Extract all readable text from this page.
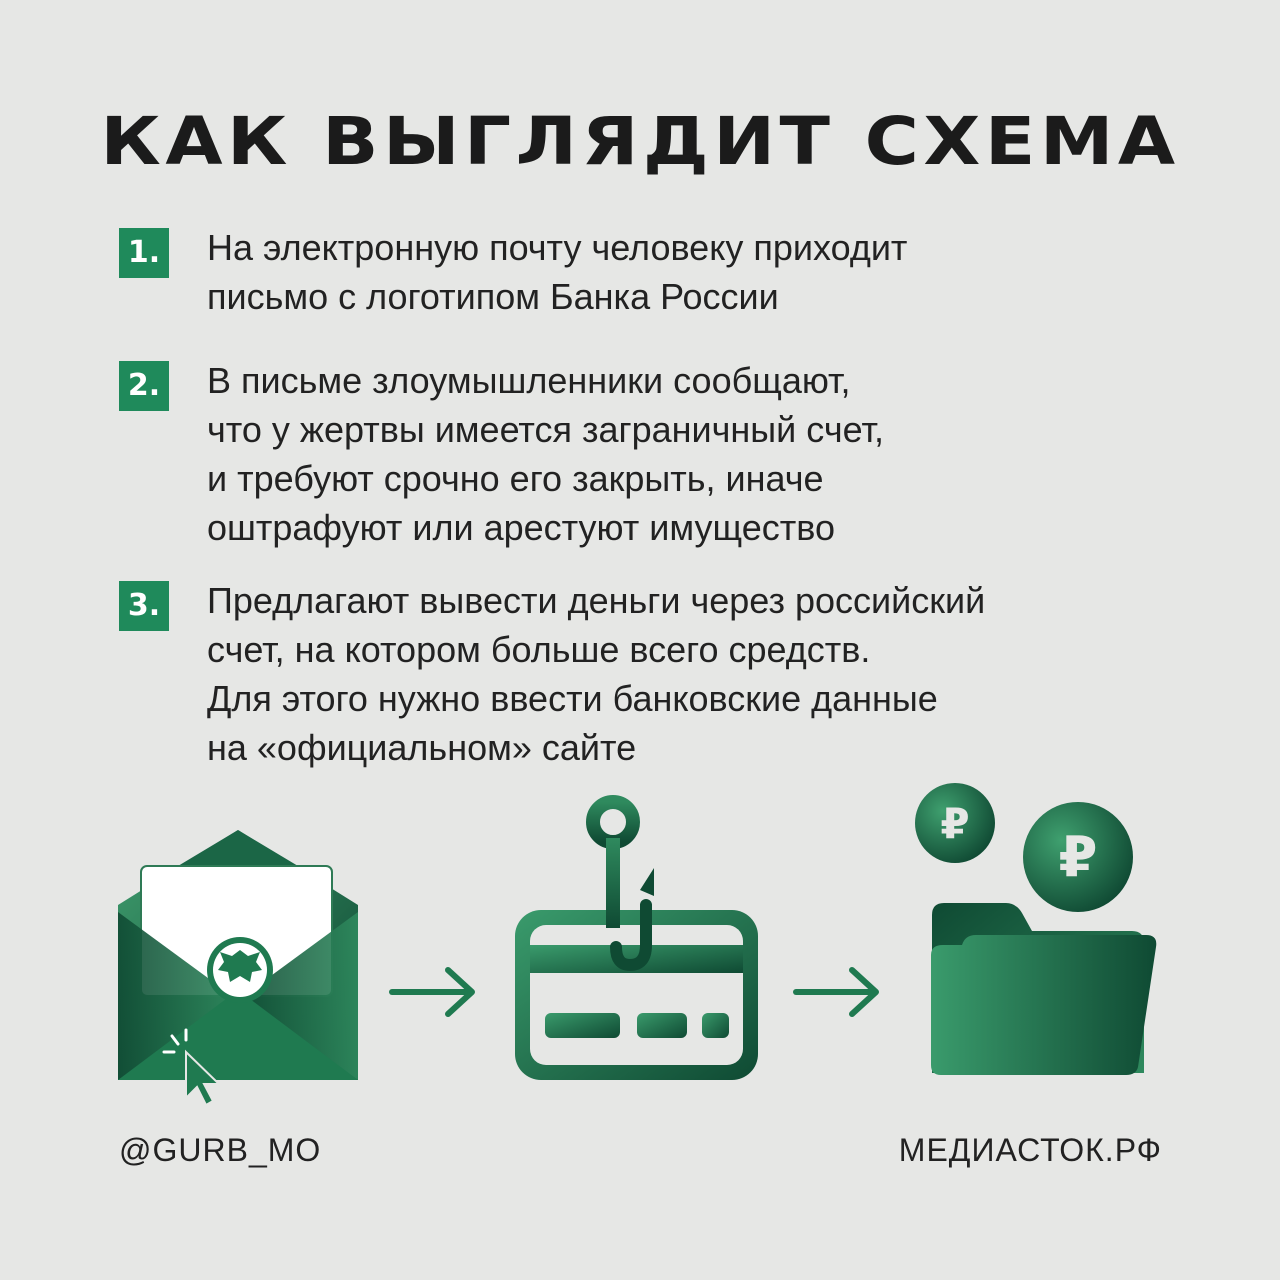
КАК ВЫГЛЯДИТ СХЕМА
1. На электронную почту человеку приходит
письмо с логотипом Банка России
2. В письме злоумышленники сообщают,
что у жертвы имеется заграничный счет,
и требуют срочно его закрыть, иначе
оштрафуют или арестуют имущество
3. Предлагают вывести деньги через российский
счет, на котором больше всего средств.
Для этого нужно ввести банковские данные
на «официальном» сайте
₽
₽
@GURB_MO	МЕДИАСТОК.РФ
